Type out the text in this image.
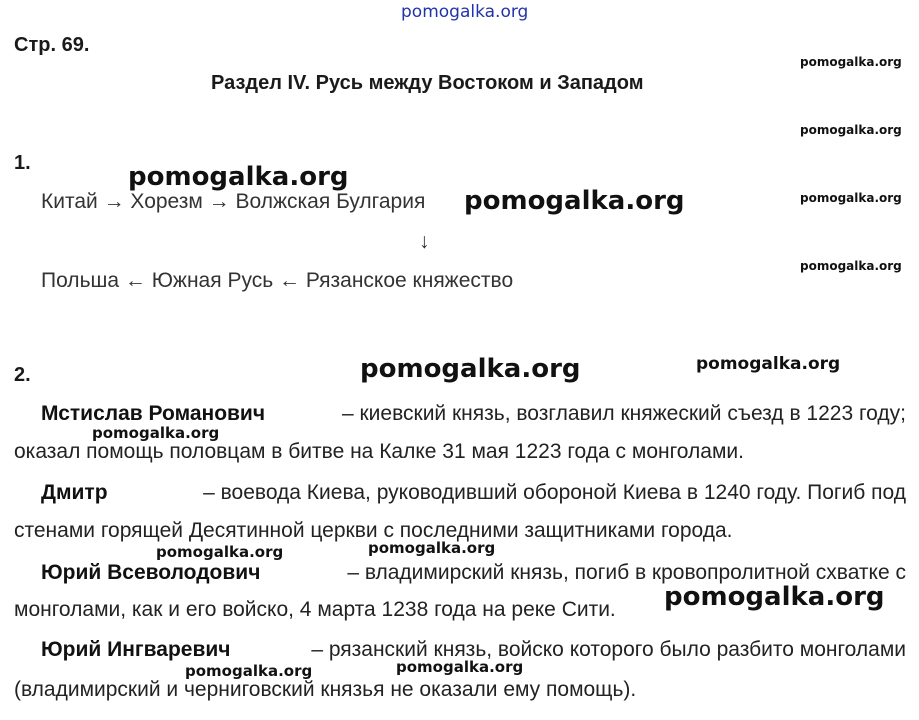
pomogalka.org
Стр. 69.
Раздел IV. Русь между Востоком и Западом
pomogalka.org
pomogalka.org
pomogalka.org
pomogalka.org
1.	pomogalka.org
Китай → Хорезм → Волжская Булгария pomogalka.org
↓
Польша ← Южная Русь ← Рязанское княжество
2.	pomogalka.org	pomogalka.org
Мстислав Романович	– киевский князь, возглавил княжеский съезд в 1223 году;
pomogalka.org
оказал помощь половцам в битве на Калке 31 мая 1223 года с монголами.
Дмитр	– воевода Киева, руководивший обороной Киева в 1240 году. Погиб под
стенами горящей Десятинной церкви с последними защитниками города.
pomogalka.org	pomogalka.org
Юрий Всеволодович	– владимирский князь, погиб в кровопролитной схватке с
монголами, как и его войско, 4 марта 1238 года на реке Сити. pomogalka.org
Юрий Ингваревич	– рязанский князь, войско которого было разбито монголами
pomogalka.org	pomogalka.org
(владимирский и черниговский князья не оказали ему помощь).
